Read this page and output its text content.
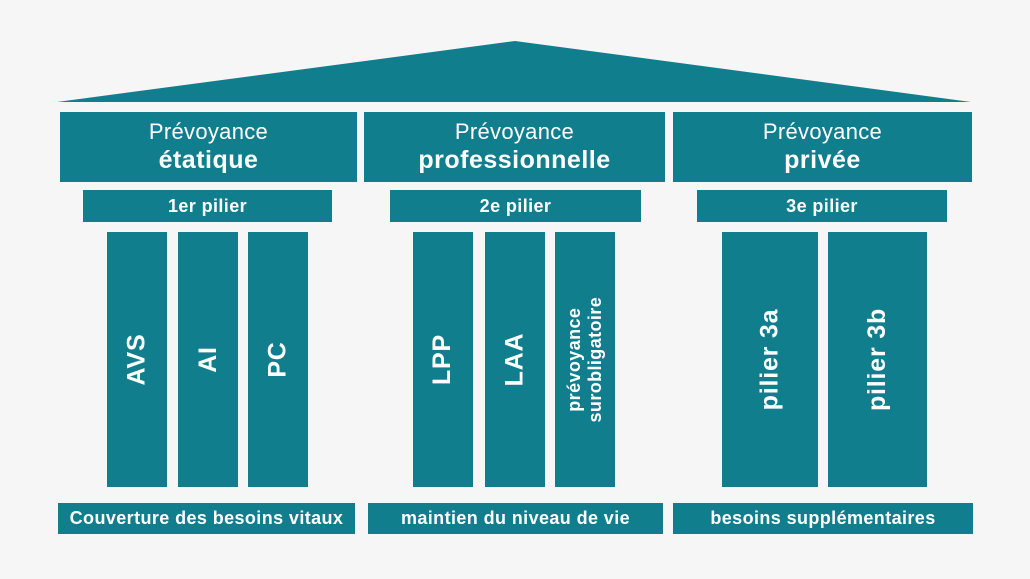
Prévoyance
étatique
1er pilier
AVS AI PC
Couverture des besoins vitaux
Prévoyance
professionnelle
2e pilier
LPP LAA prévoyance surobligatoire
maintien du niveau de vie
Prévoyance
privée
3e pilier
pilier 3a	pilier 3b
besoins supplémentaires
